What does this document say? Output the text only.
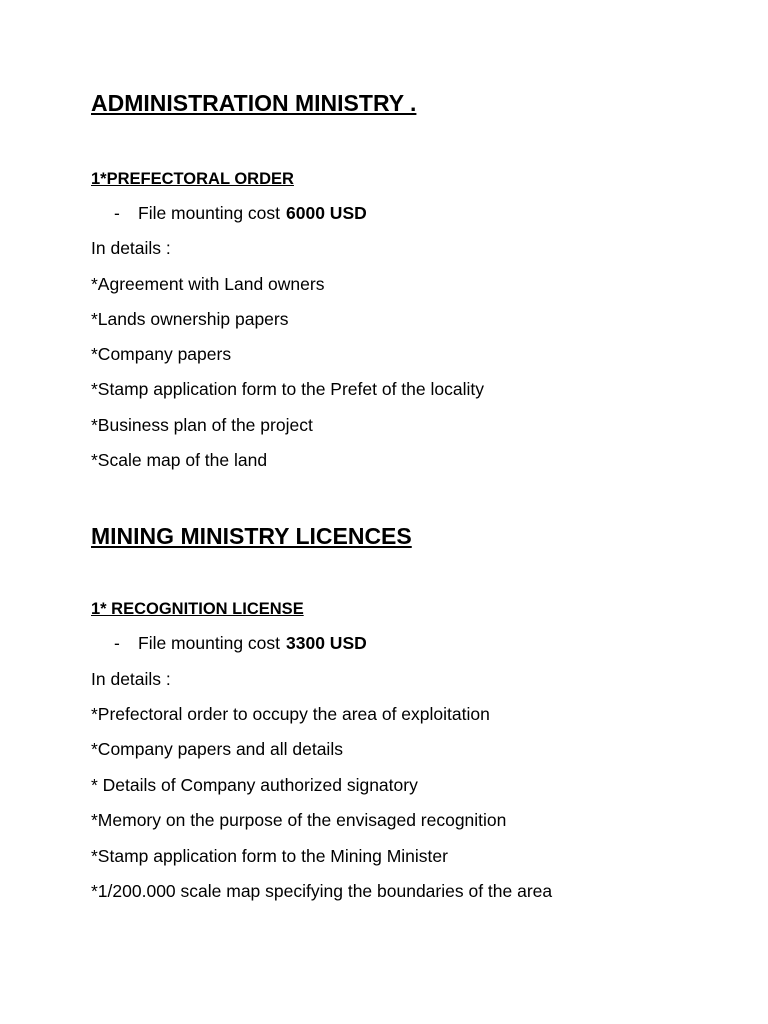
ADMINISTRATION MINISTRY .
1*PREFECTORAL ORDER
- File mounting cost 6000 USD
In details :
*Agreement with Land owners
*Lands ownership papers
*Company papers
*Stamp application form to the Prefet of the locality
*Business plan of the project
*Scale map of the land
MINING MINISTRY LICENCES
1* RECOGNITION LICENSE
- File mounting cost 3300 USD
In details :
*Prefectoral order to occupy the area of exploitation
*Company papers and all details
* Details of Company authorized signatory
*Memory on the purpose of the envisaged recognition
*Stamp application form to the Mining Minister
*1/200.000 scale map specifying the boundaries of the area
